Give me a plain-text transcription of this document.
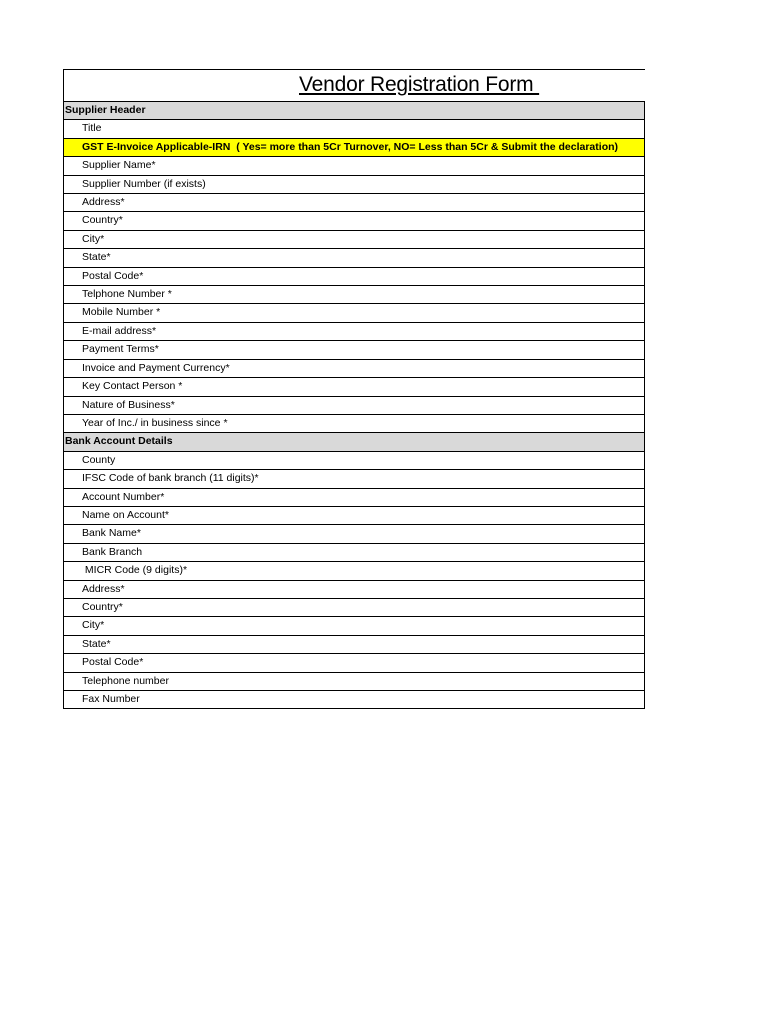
Vendor Registration Form
Supplier Header
Title
GST E-Invoice Applicable-IRN  ( Yes= more than 5Cr Turnover, NO= Less than 5Cr & Submit the declaration)
Supplier Name*
Supplier Number (if exists)
Address*
Country*
City*
State*
Postal Code*
Telphone Number *
Mobile Number *
E-mail address*
Payment Terms*
Invoice and Payment Currency*
Key Contact Person *
Nature of Business*
Year of Inc./ in business since *
Bank Account Details
County
IFSC Code of bank branch (11 digits)*
Account Number*
Name on Account*
Bank Name*
Bank Branch
MICR Code (9 digits)*
Address*
Country*
City*
State*
Postal Code*
Telephone number
Fax Number
